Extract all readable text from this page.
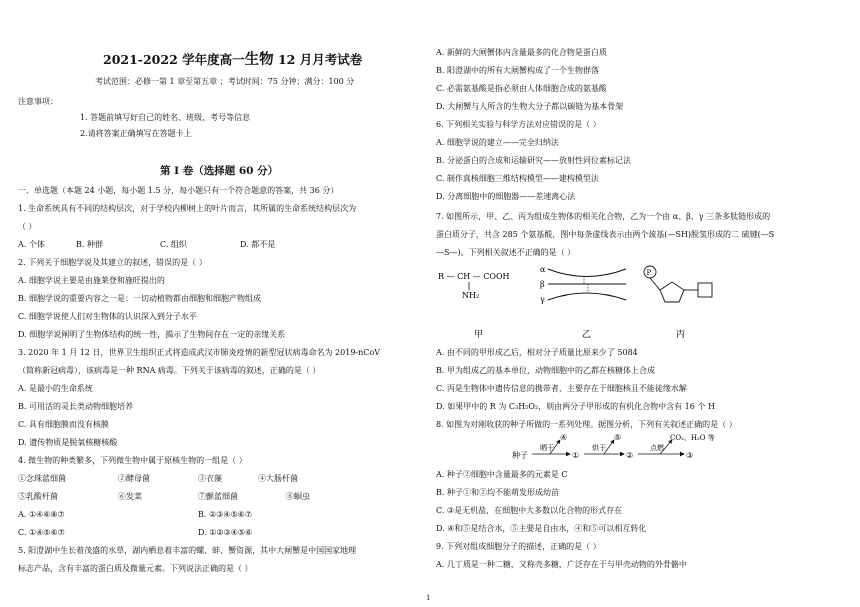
2021-2022 学年度高一生物 12 月月考试卷
考试范围：必修一第 1 章至第五章 ；考试时间：75 分钟；满分：100 分
注意事项：
1. 答题前填写好自己的姓名、班级、考号等信息
2.请将答案正确填写在答题卡上
第 I 卷（选择题 60 分）
一、单选题（本题 24 小题，每小题 1.5 分，每小题只有一个符合题意的答案，共 36 分）
1. 生命系统具有不同的结构层次，对于学校内柳树上的叶片而言，其所属的生命系统结构层次为
（ ）
A. 个体	B. 种群	C. 组织	D. 都不是
2. 下列关于细胞学说及其建立的叙述，错误的是（ ）
A. 细胞学说主要是由施莱登和施旺提出的
B. 细胞学说的重要内容之一是：一切动植物都由细胞和细胞产物组成
C. 细胞学说使人们对生物体的认识深入到分子水平
D. 细胞学说阐明了生物体结构的统一性，揭示了生物间存在一定的亲缘关系
3. 2020 年 1 月 12 日，世界卫生组织正式将造成武汉市肺炎疫情的新型冠状病毒命名为 2019-nCoV
（简称新冠病毒），该病毒是一种 RNA 病毒。下列关于该病毒的叙述，正确的是（ ）
A. 是最小的生命系统
B. 可用活的灵长类动物细胞培养
C. 具有细胞膜而没有核膜
D. 遗传物质是脱氧核糖核酸
4. 微生物的种类繁多，下列微生物中属于原核生物的一组是（ ）
①念珠蓝细菌	②酵母菌	③衣藻	④大肠杆菌
⑤乳酸杆菌	⑥发菜	⑦颤蓝细菌	⑧蛔虫
A. ①④⑥⑧⑦	B. ②③④⑤⑥⑦
C. ①④⑤⑥⑦	D. ①②③④⑤⑥
5. 阳澄湖中生长着茂盛的水草，湖内栖息着丰富的螺、蚌、蟹资源，其中大闸蟹是中国国家地理
标志产品，含有丰富的蛋白质及微量元素。下列说法正确的是（ ）
A. 新鲜的大闸蟹体内含量最多的化合物是蛋白质
B. 阳澄湖中的所有大闸蟹构成了一个生物群落
C. 必需氨基酸是指必须由人体细胞合成的氨基酸
D. 大闸蟹与人所含的生物大分子都以碳链为基本骨架
6. 下列相关实验与科学方法对应错误的是（ ）
A. 细胞学说的建立——完全归纳法
B. 分泌蛋白的合成和运输研究——放射性同位素标记法
C. 制作真核细胞三维结构模型——建构模型法
D. 分离细胞中的细胞器——差速离心法
7. 如图所示，甲、乙、丙为组成生物体的相关化合物，乙为一个由 α、β、γ 三条多肽链形成的
蛋白质分子，共含 285 个氨基酸，图中每条虚线表示由两个巯基(—SH)脱氢形成的二 硫键(—S
—S—)。下列相关叙述不正确的是（ ）
R — CH — COOH
NH₂
甲
α
β
γ
乙
P
丙
A. 由不同的甲形成乙后，相对分子质量比原来少了 5084
B. 甲为组成乙的基本单位，动物细胞中的乙都在核糖体上合成
C. 丙是生物体中遗传信息的携带者，主要存在于细胞核且不能徒缘水解
D. 如果甲中的 R 为 C₃H₅O₂，则由两分子甲形成的有机化合物中含有 16 个 H
8. 如图为对刚收获的种子所做的一系列处理。据图分析，下列有关叙述正确的是（ ）
种子
晒干
④
①
烘干
⑤
②
点燃
CO₂、H₂O 等
③
A. 种子②细胞中含量最多的元素是 C
B. 种子①和②均不能萌发形成幼苗
C. ③是无机盐，在细胞中大多数以化合物的形式存在
D. ④和⑤是结合水，⑤主要是自由水，④和⑤可以相互转化
9. 下列对组成细胞分子的描述，正确的是（ ）
A. 几丁质是一种二糖，又称壳多糖，广泛存在于与甲壳动物的外骨骼中
1
